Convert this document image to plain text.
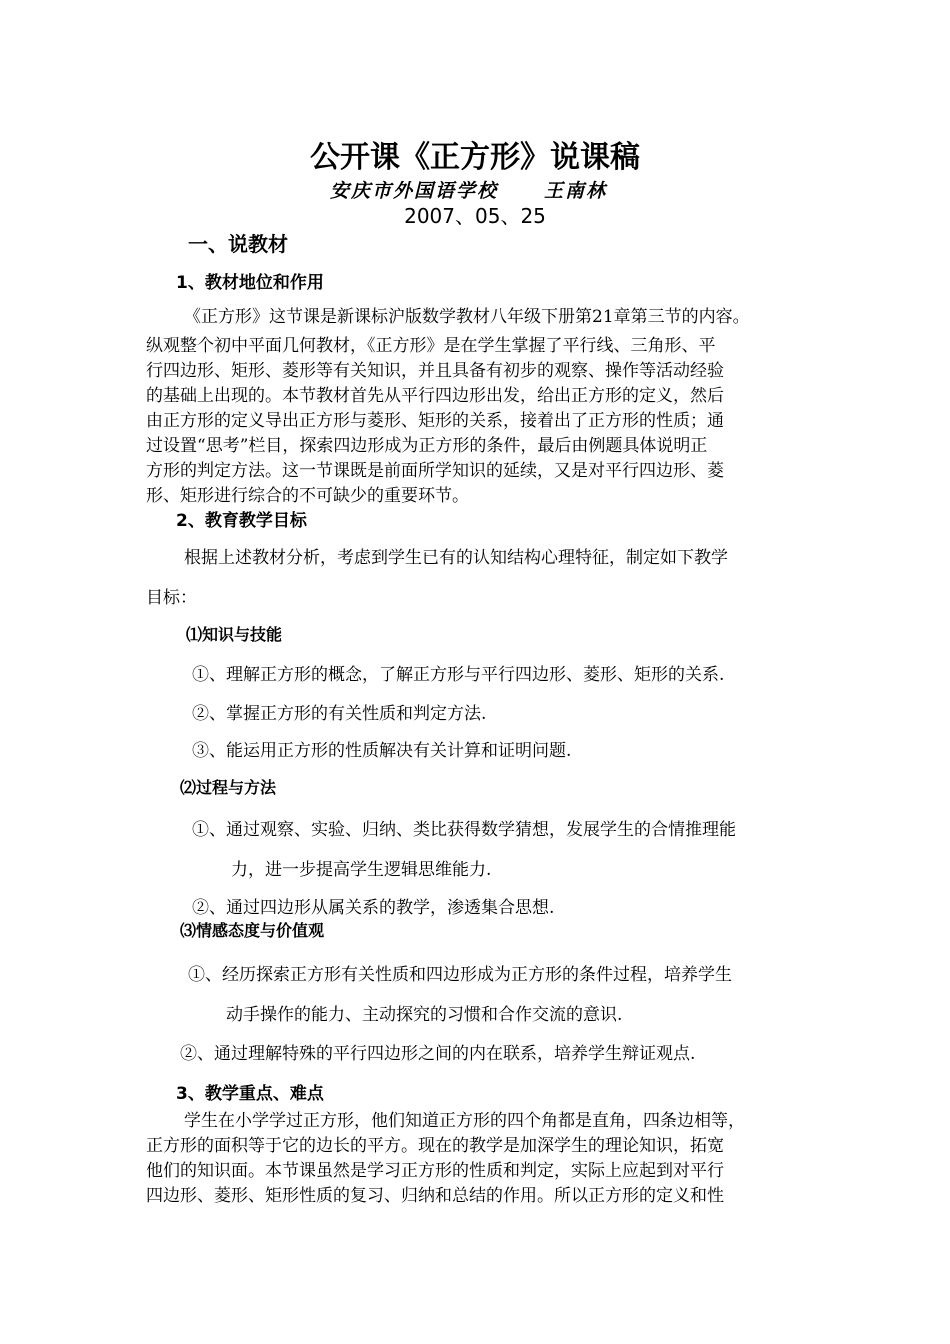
公开课《正方形》说课稿
安庆市外国语学校 王南林
2007、05、25
一、说教材
1、教材地位和作用
《正方形》这节课是新课标沪版数学教材八年级下册第21章第三节的内容。
纵观整个初中平面几何教材，《正方形》是在学生掌握了平行线、三角形、平
行四边形、矩形、菱形等有关知识，并且具备有初步的观察、操作等活动经验
的基础上出现的。本节教材首先从平行四边形出发，给出正方形的定义，然后
由正方形的定义导出正方形与菱形、矩形的关系，接着出了正方形的性质；通
过设置“思考”栏目，探索四边形成为正方形的条件，最后由例题具体说明正
方形的判定方法。这一节课既是前面所学知识的延续，又是对平行四边形、菱
形、矩形进行综合的不可缺少的重要环节。
2、教育教学目标
根据上述教材分析，考虑到学生已有的认知结构心理特征，制定如下教学
目标：
⑴知识与技能
①、理解正方形的概念，了解正方形与平行四边形、菱形、矩形的关系.
②、掌握正方形的有关性质和判定方法.
③、能运用正方形的性质解决有关计算和证明问题.
⑵过程与方法
①、通过观察、实验、归纳、类比获得数学猜想，发展学生的合情推理能
力，进一步提高学生逻辑思维能力.
②、通过四边形从属关系的教学，渗透集合思想.
⑶情感态度与价值观
①、经历探索正方形有关性质和四边形成为正方形的条件过程，培养学生
动手操作的能力、主动探究的习惯和合作交流的意识.
②、通过理解特殊的平行四边形之间的内在联系，培养学生辩证观点.
3、教学重点、难点
学生在小学学过正方形，他们知道正方形的四个角都是直角，四条边相等，
正方形的面积等于它的边长的平方。现在的教学是加深学生的理论知识，拓宽
他们的知识面。本节课虽然是学习正方形的性质和判定，实际上应起到对平行
四边形、菱形、矩形性质的复习、归纳和总结的作用。所以正方形的定义和性
